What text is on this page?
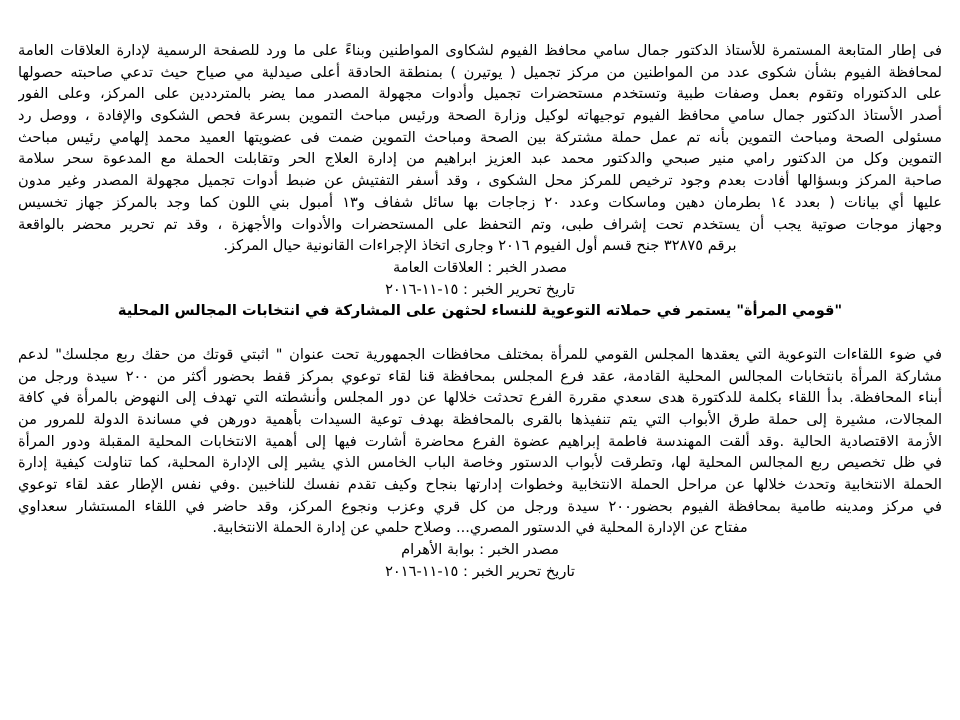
فى إطار المتابعة المستمرة للأستاذ الدكتور جمال سامي محافظ الفيوم لشكاوى المواطنين وبناءً على ما ورد للصفحة الرسمية لإدارة العلاقات العامة
لمحافظة الفيوم بشأن شكوى عدد من المواطنين من مركز تجميل ( يوتيرن ) بمنطقة الحادقة أعلى صيدلية مي صياح حيث تدعي صاحبته حصولها
على الدكتوراه وتقوم بعمل وصفات طبية وتستخدم مستحضرات تجميل وأدوات مجهولة المصدر مما يضر بالمترددين على المركز، وعلى الفور
أصدر الأستاذ الدكتور جمال سامي محافظ الفيوم توجيهاته لوكيل وزارة الصحة ورئيس مباحث التموين بسرعة فحص الشكوى والإفادة ، ووصل رد
مسئولى الصحة ومباحث التموين بأنه تم عمل حملة مشتركة بين الصحة ومباحث التموين ضمت فى عضويتها العميد محمد إلهامي رئيس مباحث
التموين وكل من الدكتور رامي منير صبحي والدكتور محمد عبد العزيز ابراهيم من إدارة العلاج الحر وتقابلت الحملة مع المدعوة سحر سلامة
صاحبة المركز وبسؤالها أفادت بعدم وجود ترخيص للمركز محل الشكوى ، وقد أسفر التفتيش عن ضبط أدوات تجميل مجهولة المصدر وغير مدون
عليها أي بيانات ( بعدد ١٤ بطرمان دهين وماسكات وعدد ٢٠ زجاجات بها سائل شفاف و١٣ أمبول بني اللون كما وجد بالمركز جهاز تخسيس
وجهاز موجات صوتية يجب أن يستخدم تحت إشراف طبى، وتم التحفظ على المستحضرات والأدوات والأجهزة ، وقد تم تحرير محضر بالواقعة
برقم ٣٢٨٧٥ جنح قسم أول الفيوم ٢٠١٦ وجارى اتخاذ الإجراءات القانونية حيال المركز.
مصدر الخبر : العلاقات العامة
تاريخ تحرير الخبر : ١٥-١١-٢٠١٦
"قومي المرأة" يستمر في حملاته التوعوية للنساء لحثهن على المشاركة في انتخابات المجالس المحلية
في ضوء اللقاءات التوعوية التي يعقدها المجلس القومي للمرأة بمختلف محافظات الجمهورية تحت عنوان " اثبتي قوتك من حقك ربع مجلسك" لدعم
مشاركة المرأة بانتخابات المجالس المحلية القادمة، عقد فرع المجلس بمحافظة قنا لقاء توعوي بمركز قفط بحضور أكثر من ٢٠٠ سيدة ورجل من
أبناء المحافظة. بدأ اللقاء بكلمة للدكتورة هدى سعدي مقررة الفرع تحدثت خلالها عن دور المجلس وأنشطته التي تهدف إلى النهوض بالمرأة في كافة
المجالات، مشيرة إلى حملة طرق الأبواب التي يتم تنفيذها بالقرى بالمحافظة بهدف توعية السيدات بأهمية دورهن في مساندة الدولة للمرور من
الأزمة الاقتصادية الحالية .وقد ألقت المهندسة فاطمة إبراهيم عضوة الفرع محاضرة أشارت فيها إلى أهمية الانتخابات المحلية المقبلة ودور المرأة
في ظل تخصيص ربع المجالس المحلية لها، وتطرقت لأبواب الدستور وخاصة الباب الخامس الذي يشير إلى الإدارة المحلية، كما تناولت كيفية إدارة
الحملة الانتخابية وتحدث خلالها عن مراحل الحملة الانتخابية وخطوات إدارتها بنجاح وكيف تقدم نفسك للناخبين .وفي نفس الإطار عقد لقاء توعوي
في مركز ومدينه طامية بمحافظة الفيوم بحضور٢٠٠ سيدة ورجل من كل قري وعزب ونجوع المركز، وقد حاضر في اللقاء المستشار سعداوي
مفتاح عن الإدارة المحلية في الدستور المصري... وصلاح حلمي عن إدارة الحملة الانتخابية.
مصدر الخبر : بوابة الأهرام
تاريخ تحرير الخبر : ١٥-١١-٢٠١٦
